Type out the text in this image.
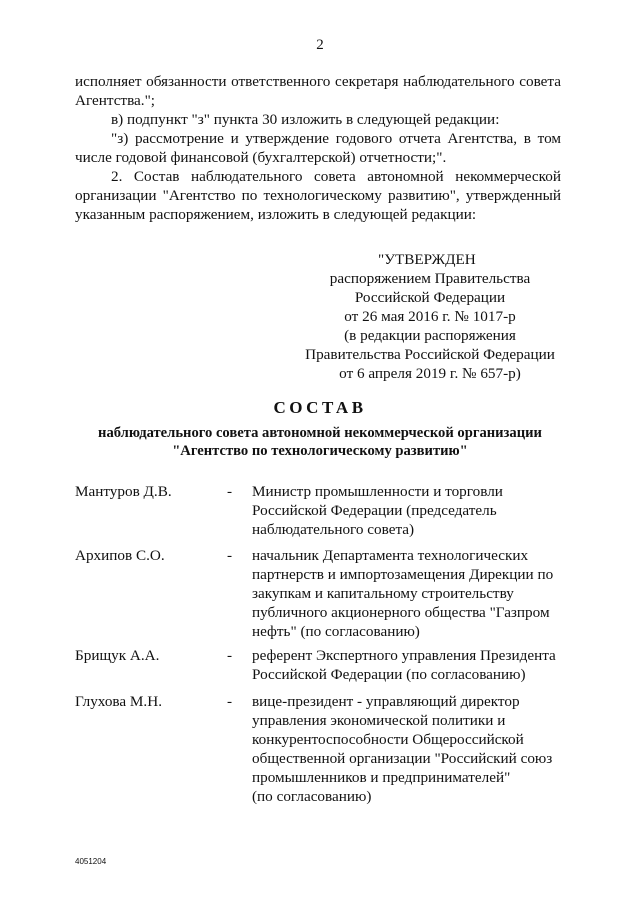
2

исполняет обязанности ответственного секретаря наблюдательного совета

Агентства.";

в) подпункт "з" пункта 30 изложить в следующей редакции:

"з) рассмотрение и утверждение годового отчета Агентства, в том

числе годовой финансовой (бухгалтерской) отчетности;".

2. Состав наблюдательного совета автономной некоммерческой

организации "Агентство по технологическому развитию", утвержденный

указанным распоряжением, изложить в следующей редакции:

"УТВЕРЖДЕН
распоряжением Правительства
Российской Федерации
от 26 мая 2016 г. № 1017-р
(в редакции распоряжения
Правительства Российской Федерации
от 6 апреля 2019 г. № 657-р)
СОСТАВ
наблюдательного совета автономной некоммерческой организации
"Агентство по технологическому развитию"
Мантуров Д.В.	-	Министр промышленности и торговли
Российской Федерации (председатель
наблюдательного совета)
Архипов С.О.	-	начальник Департамента технологических
партнерств и импортозамещения Дирекции по
закупкам и капитальному строительству
публичного акционерного общества "Газпром
нефть" (по согласованию)
Брищук А.А.	-	референт Экспертного управления Президента
Российской Федерации (по согласованию)
Глухова М.Н.	-	вице-президент - управляющий директор
управления экономической политики и
конкурентоспособности Общероссийской
общественной организации "Российский союз
промышленников и предпринимателей"
(по согласованию)
4051204
